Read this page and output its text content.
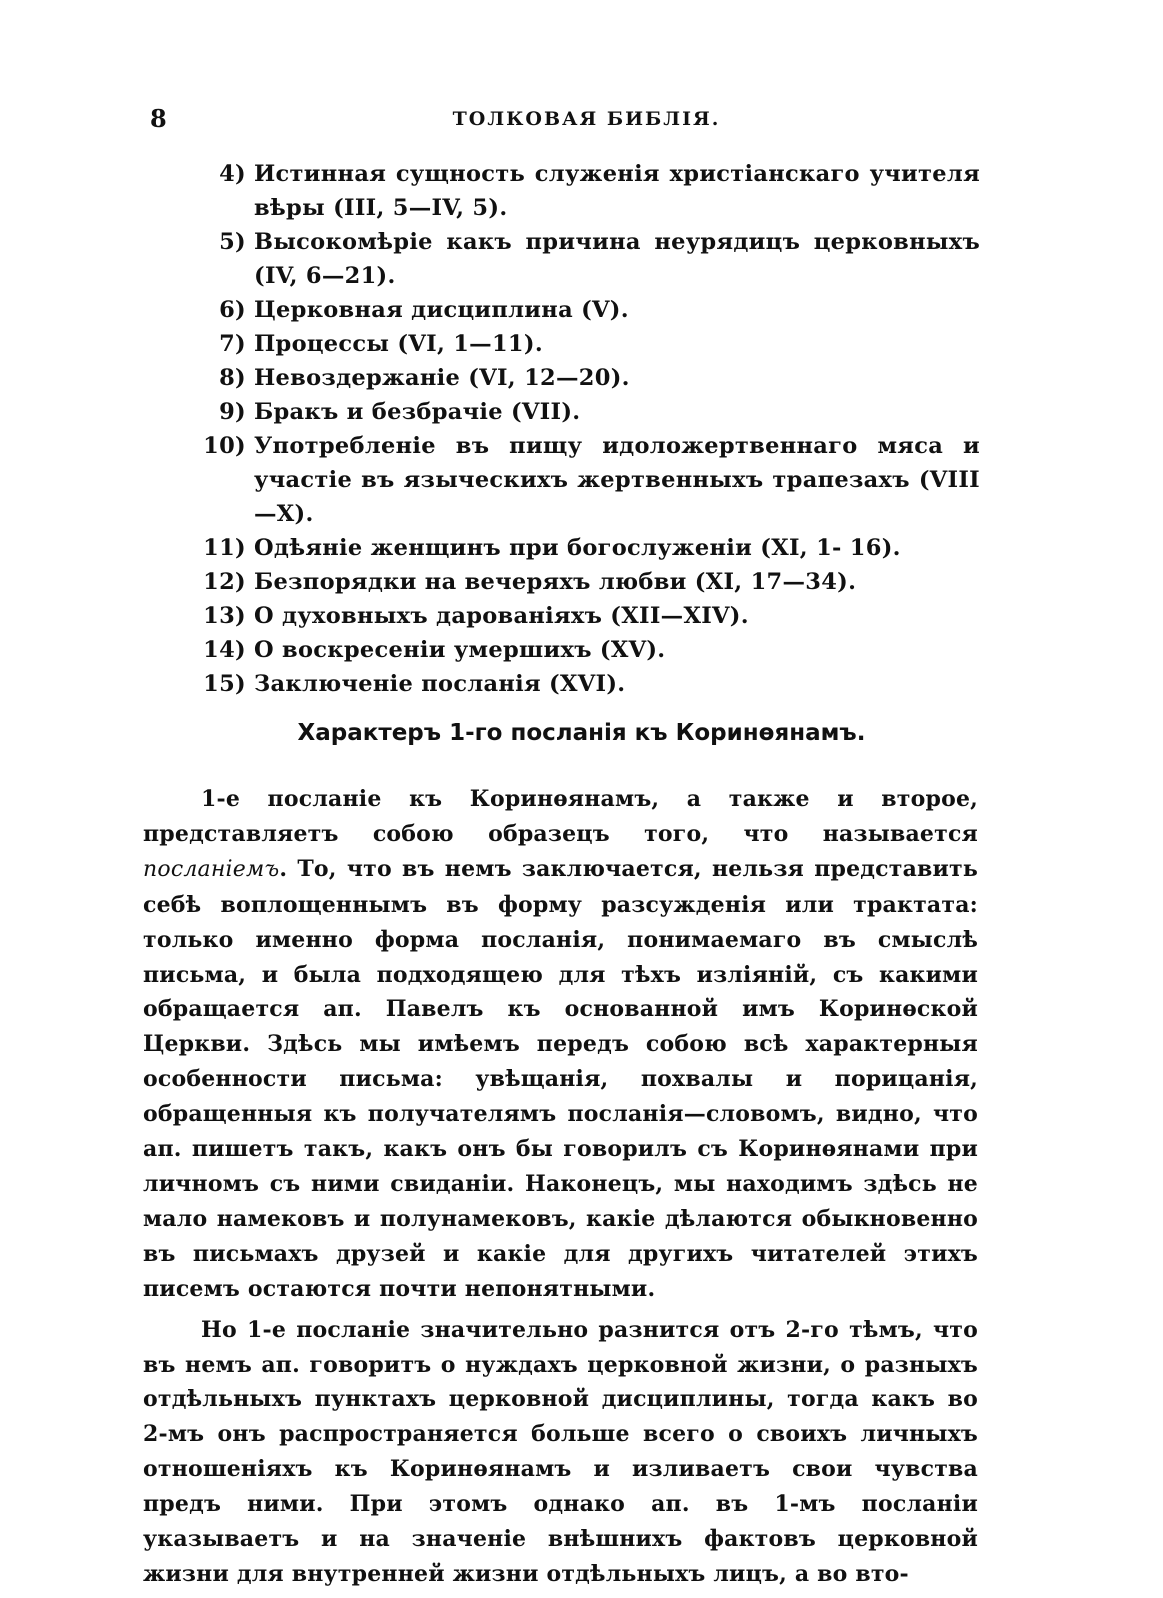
8	ТОЛКОВАЯ БИБЛІЯ.
4) Истинная сущность служенія христіанскаго учителя вѣры (III, 5—IV, 5).
5) Высокомѣріе какъ причина неурядицъ церковныхъ (IV, 6—21).
6) Церковная дисциплина (V).
7) Процессы (VI, 1—11).
8) Невоздержаніе (VI, 12—20).
9) Бракъ и безбрачіе (VII).
10) Употребленіе въ пищу идоложертвеннаго мяса и участіе въ языческихъ жертвенныхъ трапезахъ (VIII—X).
11) Одѣяніе женщинъ при богослуженіи (XI, 1- 16).
12) Безпорядки на вечеряхъ любви (XI, 17—34).
13) О духовныхъ дарованіяхъ (XII—XIV).
14) О воскресеніи умершихъ (XV).
15) Заключеніе посланія (XVI).
Характеръ 1-го посланія къ Коринѳянамъ.

1-е посланіе къ Коринѳянамъ, а также и второе, представляетъ собою образецъ того, что называется посланіемъ. То, что въ немъ заключается, нельзя представить себѣ воплощеннымъ въ форму разсужденія или трактата: только именно форма посланія, понимаемаго въ смыслѣ письма, и была подходящею для тѣхъ изліяній, съ какими обращается ап. Павелъ къ основанной имъ Коринѳской Церкви. Здѣсь мы имѣемъ передъ собою всѣ характерныя особенности письма: увѣщанія, похвалы и порицанія, обращенныя къ получателямъ посланія—словомъ, видно, что ап. пишетъ такъ, какъ онъ бы говорилъ съ Коринѳянами при личномъ съ ними свиданіи. Наконецъ, мы находимъ здѣсь не мало намековъ и полунамековъ, какіе дѣлаются обыкновенно въ письмахъ друзей и какіе для другихъ читателей этихъ писемъ остаются почти непонятными.

Но 1-е посланіе значительно разнится отъ 2-го тѣмъ, что въ немъ ап. говоритъ о нуждахъ церковной жизни, о разныхъ отдѣльныхъ пунктахъ церковной дисциплины, тогда какъ во 2-мъ онъ распространяется больше всего о своихъ личныхъ отношеніяхъ къ Коринѳянамъ и изливаетъ свои чувства предъ ними. При этомъ однако ап. въ 1-мъ посланіи указываетъ и на значеніе внѣшнихъ фактовъ церковной жизни для внутренней жизни отдѣльныхъ лицъ, а во вто-
